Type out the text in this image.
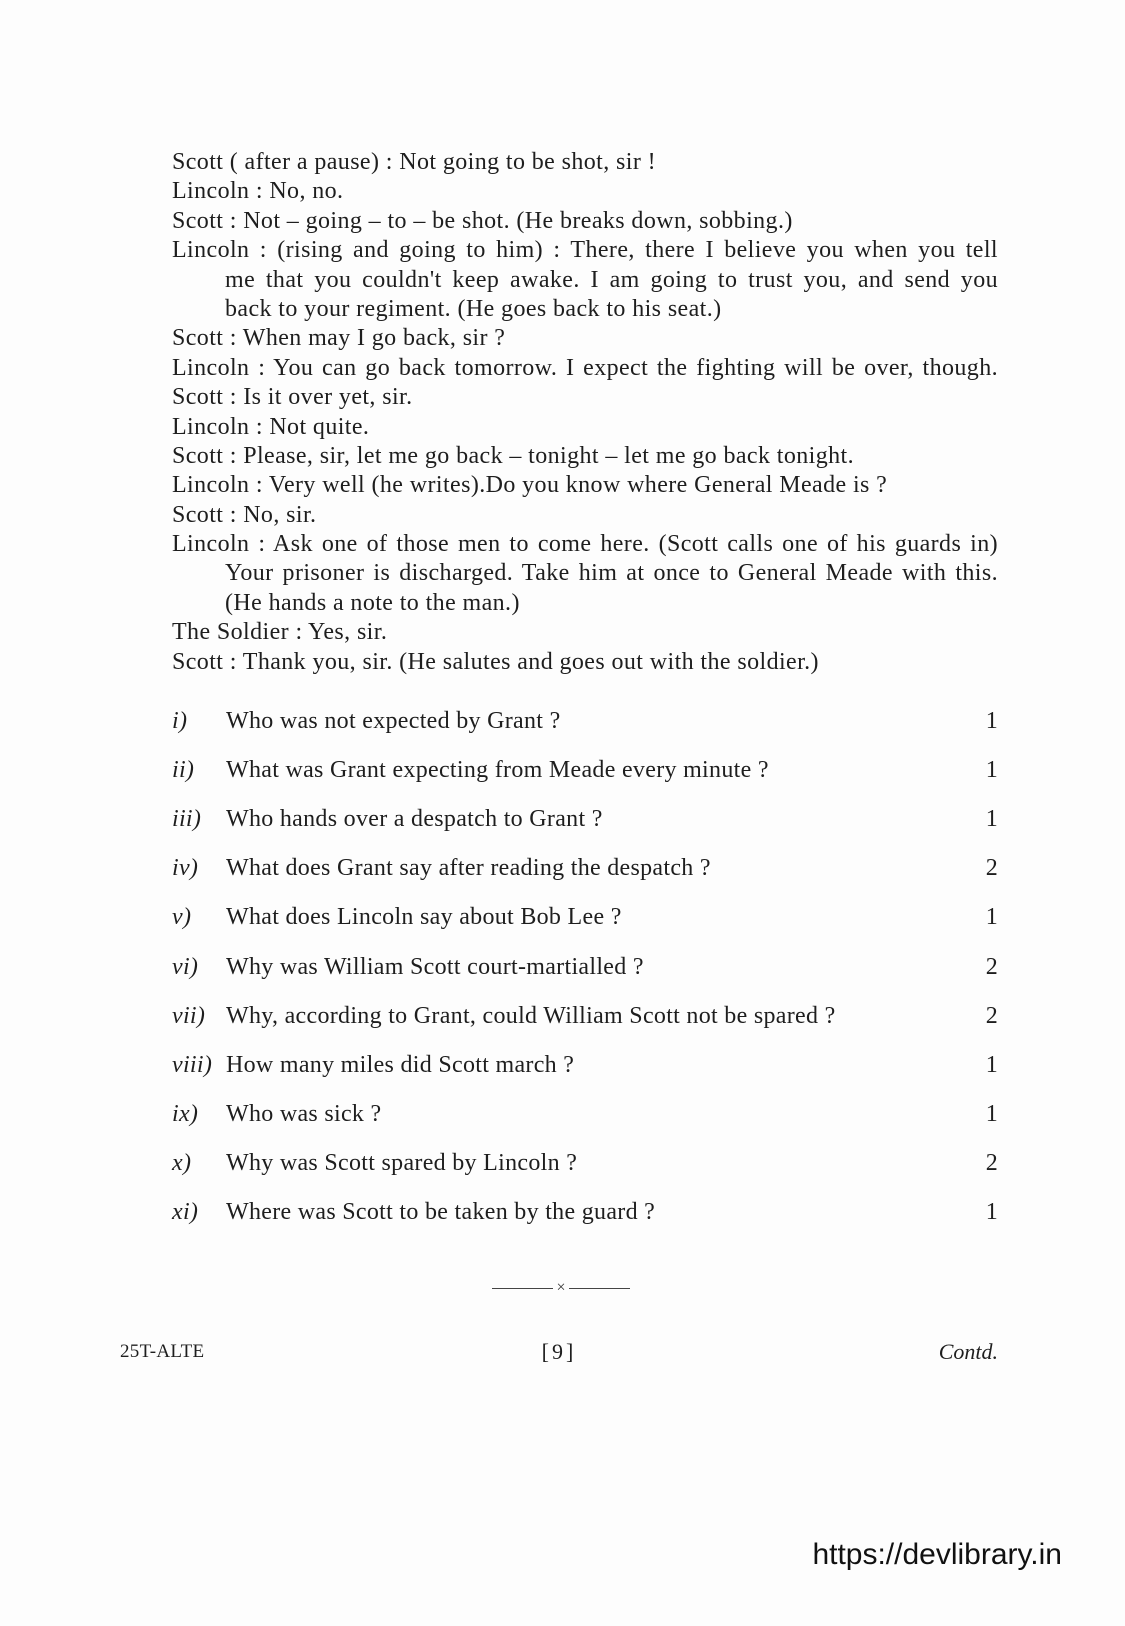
Scott ( after a pause) : Not going to be shot, sir !
Lincoln : No, no.
Scott : Not – going – to – be shot. (He breaks down, sobbing.)
Lincoln : (rising and going to him) : There, there I believe you when you tell
me that you couldn't keep awake. I am going to trust you, and send you
back to your regiment. (He goes back to his seat.)
Scott : When may I go back, sir ?
Lincoln : You can go back tomorrow. I expect the fighting will be over, though.
Scott : Is it over yet, sir.
Lincoln : Not quite.
Scott : Please, sir, let me go back – tonight – let me go back tonight.
Lincoln : Very well (he writes).Do you know where General Meade is ?
Scott : No, sir.
Lincoln : Ask one of those men to come here. (Scott calls one of his guards in)
Your prisoner is discharged. Take him at once to General Meade with this.
(He hands a note to the man.)
The Soldier : Yes, sir.
Scott : Thank you, sir. (He salutes and goes out with the soldier.)
i)	Who was not expected by Grant ?	1
ii)	What was Grant expecting from Meade every minute ?	1
iii)	Who hands over a despatch to Grant ?	1
iv)	What does Grant say after reading the despatch ?	2
v)	What does Lincoln say about Bob Lee ?	1
vi)	Why was William Scott court-martialled ?	2
vii) Why, according to Grant, could William Scott not be spared ?	2
viii) How many miles did Scott march ?	1
ix)	Who was sick ?	1
x)	Why was Scott spared by Lincoln ?	2
xi)	Where was Scott to be taken by the guard ?	1
×
25T-ALTE	[9]	Contd.
https://devlibrary.in
